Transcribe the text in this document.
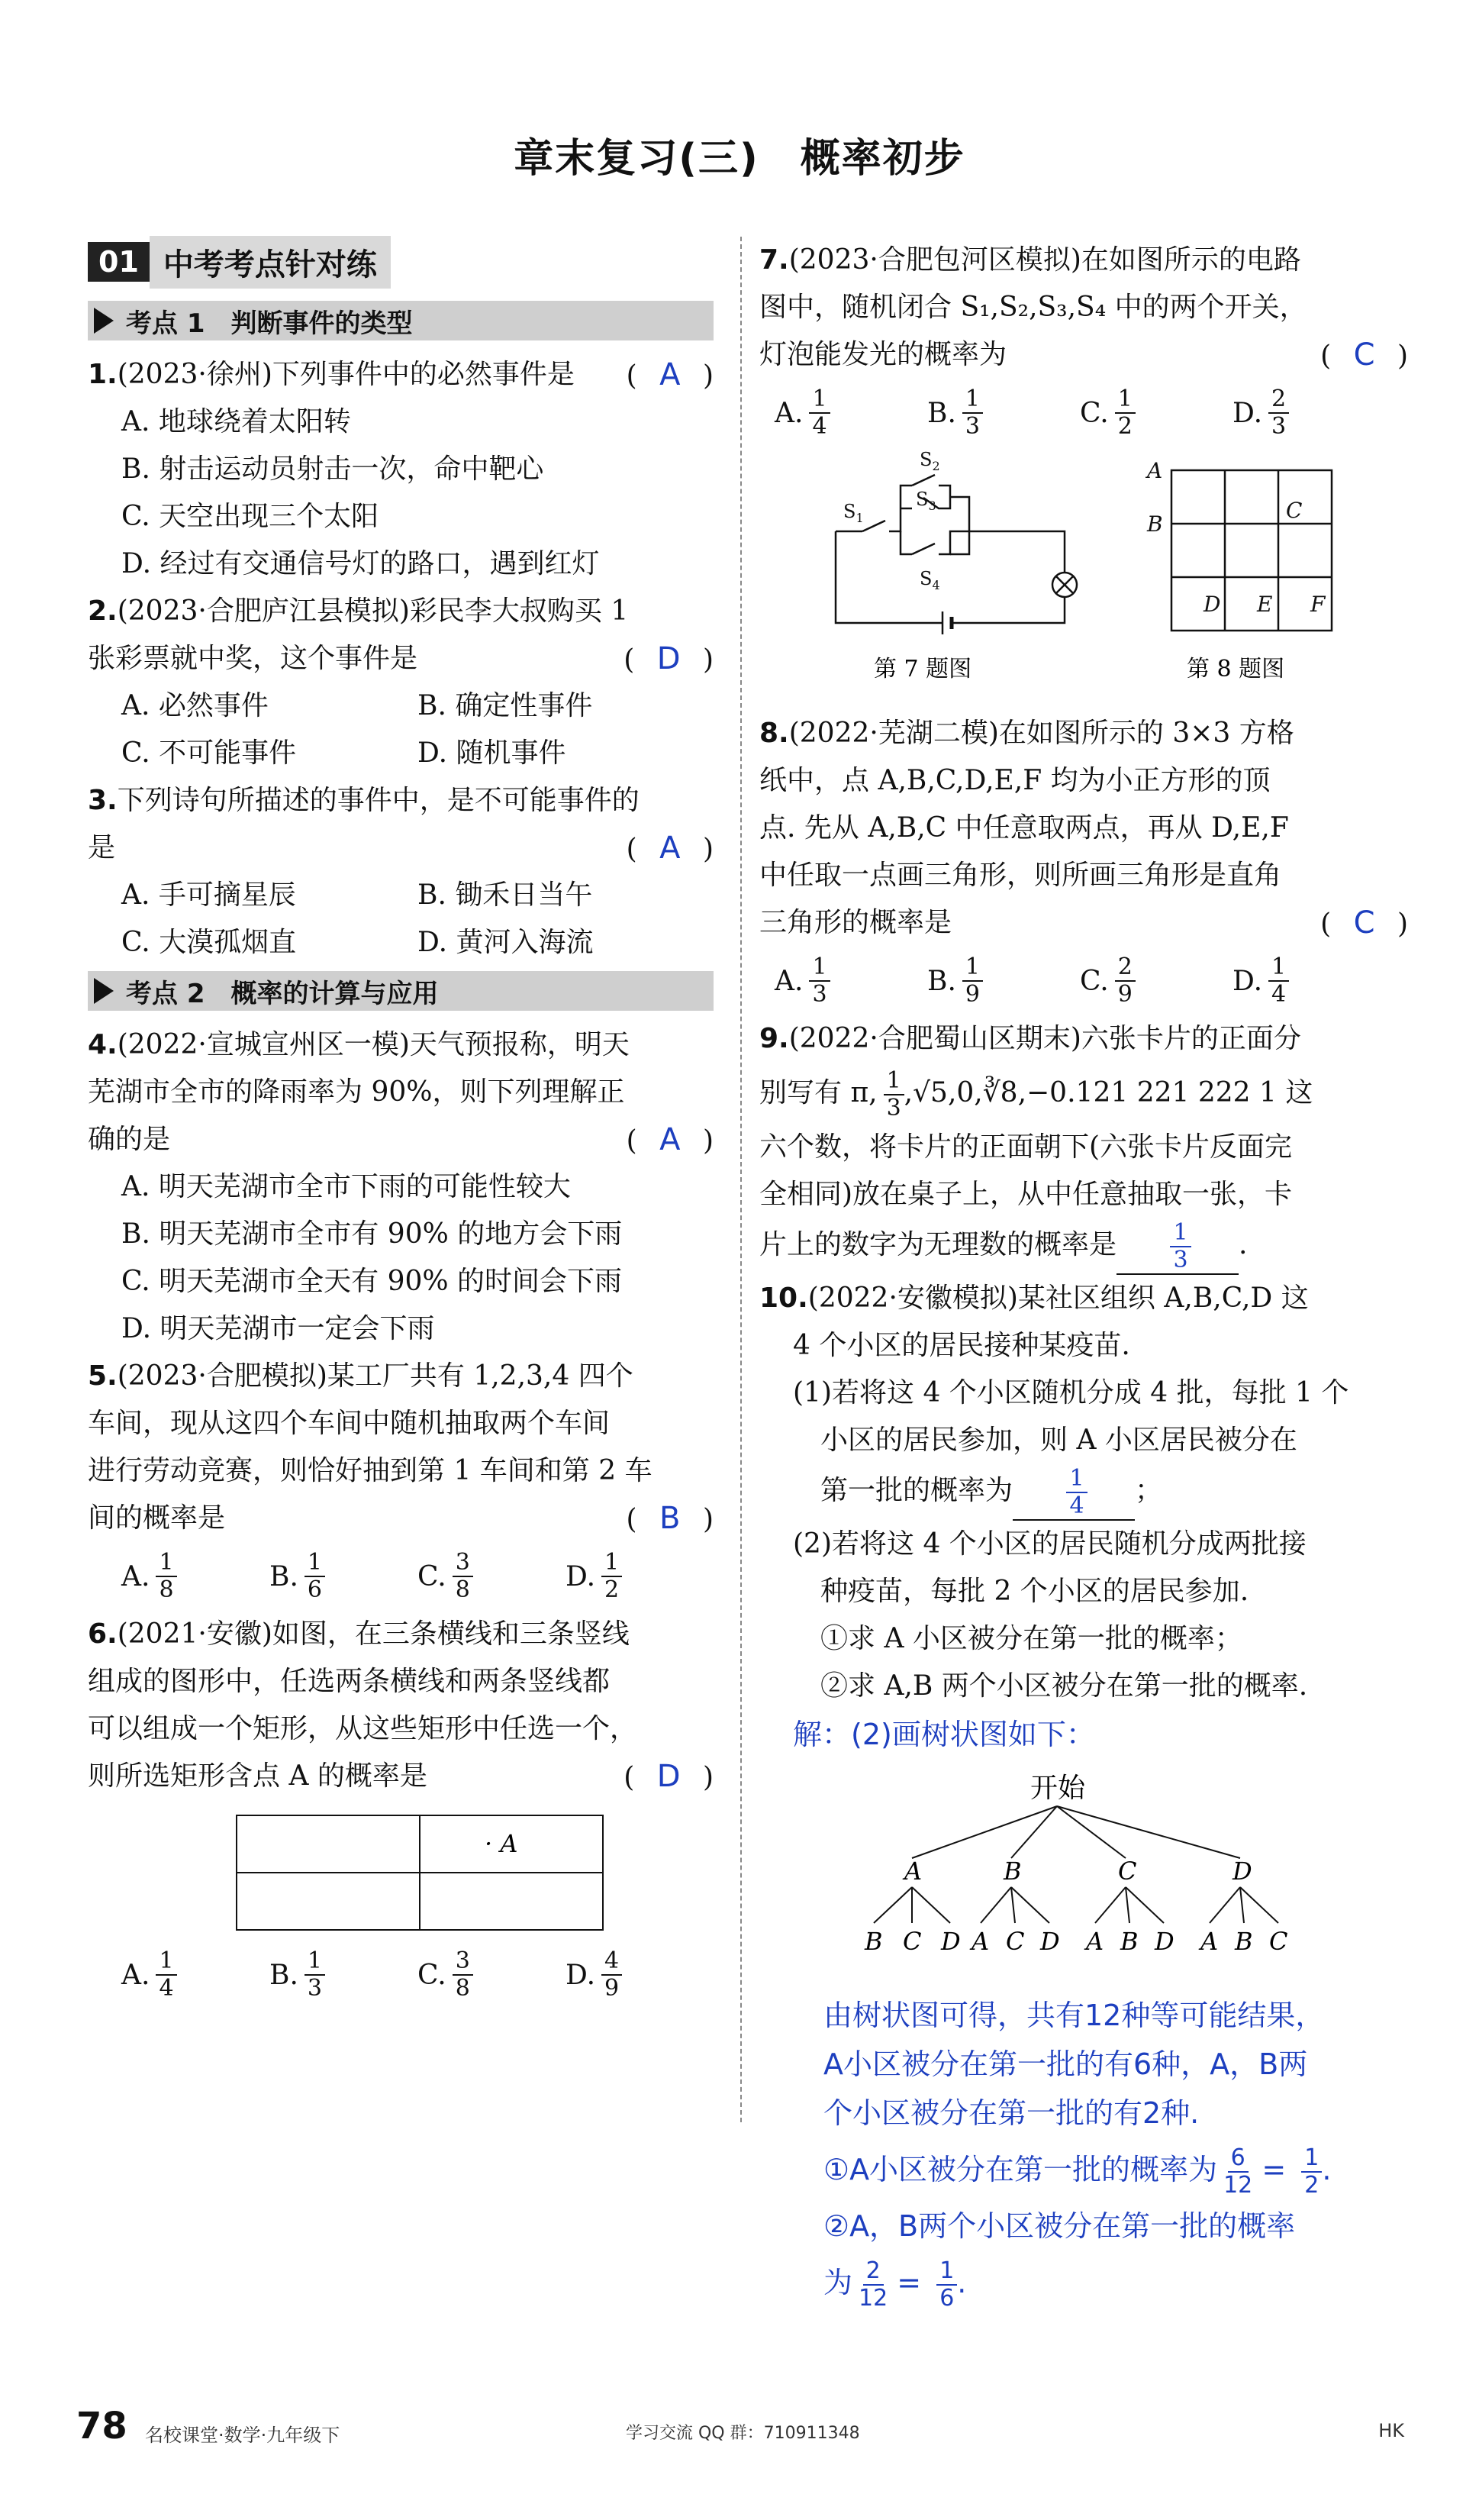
章末复习(三)　概率初步
01 中考考点针对练
考点 1　判断事件的类型
1.(2023·徐州)下列事件中的必然事件是 ( A )
A. 地球绕着太阳转
B. 射击运动员射击一次，命中靶心
C. 天空出现三个太阳
D. 经过有交通信号灯的路口，遇到红灯
2.(2023·合肥庐江县模拟)彩民李大叔购买 1
张彩票就中奖，这个事件是	( D )
A. 必然事件	B. 确定性事件
C. 不可能事件	D. 随机事件
3.下列诗句所描述的事件中，是不可能事件的
是	( A )
A. 手可摘星辰	B. 锄禾日当午
C. 大漠孤烟直	D. 黄河入海流
考点 2　概率的计算与应用
4.(2022·宣城宣州区一模)天气预报称，明天
芜湖市全市的降雨率为 90%，则下列理解正
确的是	( A )
A. 明天芜湖市全市下雨的可能性较大
B. 明天芜湖市全市有 90% 的地方会下雨
C. 明天芜湖市全天有 90% 的时间会下雨
D. 明天芜湖市一定会下雨
5.(2023·合肥模拟)某工厂共有 1,2,3,4 四个
车间，现从这四个车间中随机抽取两个车间
进行劳动竞赛，则恰好抽到第 1 车间和第 2 车
间的概率是	( B )
A. $\frac{1}{8}$	B. $\frac{1}{6}$	C. $\frac{3}{8}$	D. $\frac{1}{2}$
6.(2021·安徽)如图，在三条横线和三条竖线
组成的图形中，任选两条横线和两条竖线都
可以组成一个矩形，从这些矩形中任选一个，
则所选矩形含点 A 的概率是	( D )
· A
A. $\frac{1}{4}$	B. $\frac{1}{3}$	C. $\frac{3}{8}$	D. $\frac{4}{9}$
7.(2023·合肥包河区模拟)在如图所示的电路
图中，随机闭合 S₁,S₂,S₃,S₄ 中的两个开关，
灯泡能发光的概率为	( C )
A. $\frac{1}{4}$	B. $\frac{1}{3}$	C. $\frac{1}{2}$	D. $\frac{2}{3}$
$S_1$
$S_2$
$S_3$
$S_4$
第 7 题图
A
B
C
D E F
第 8 题图
8.(2022·芜湖二模)在如图所示的 3×3 方格
纸中，点 A,B,C,D,E,F 均为小正方形的顶
点. 先从 A,B,C 中任意取两点，再从 D,E,F
中任取一点画三角形，则所画三角形是直角
三角形的概率是	( C )
A. $\frac{1}{3}$	B. $\frac{1}{9}$	C. $\frac{2}{9}$	D. $\frac{1}{4}$
9.(2022·合肥蜀山区期末)六张卡片的正面分
别写有 π, $\frac{1}{3}$ ,√5,0,∛8,−0.121 221 222 1 这
六个数，将卡片的正面朝下(六张卡片反面完
全相同)放在桌子上，从中任意抽取一张，卡
片上的数字为无理数的概率是 $\frac{1}{3}$ .
10.(2022·安徽模拟)某社区组织 A,B,C,D 这
4 个小区的居民接种某疫苗.
(1)若将这 4 个小区随机分成 4 批，每批 1 个
小区的居民参加，则 A 小区居民被分在
第一批的概率为 $\frac{1}{4}$ ；
(2)若将这 4 个小区的居民随机分成两批接
种疫苗，每批 2 个小区的居民参加.
①求 A 小区被分在第一批的概率；
②求 A,B 两个小区被分在第一批的概率.
解：(2)画树状图如下：
开始
A	B	C	D
B C D A C D A B D A B C
由树状图可得，共有12种等可能结果，
A小区被分在第一批的有6种，A，B两
个小区被分在第一批的有2种.
①A小区被分在第一批的概率为 $\frac{6}{12} = \frac{1}{2}$ .
②A，B两个小区被分在第一批的概率
为 $\frac{2}{12} = \frac{1}{6}$ .
78 名校课堂·数学·九年级下	学习交流 QQ 群：710911348	HK
